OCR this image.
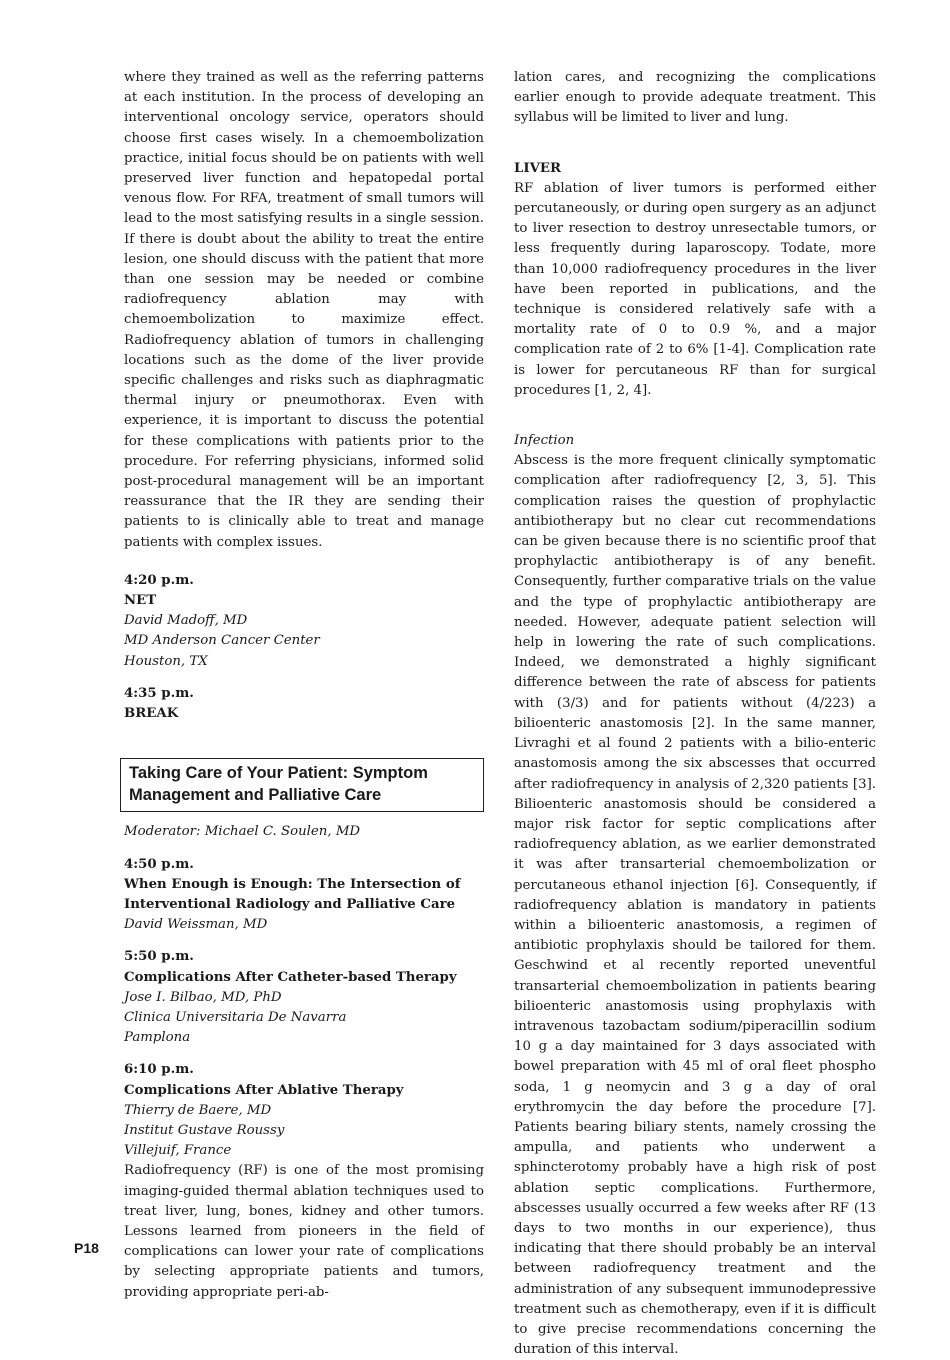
where they trained as well as the referring patterns at each institution. In the process of developing an interventional oncology service, operators should choose first cases wisely. In a chemoembolization practice, initial focus should be on patients with well preserved liver function and hepatopedal portal venous flow. For RFA, treatment of small tumors will lead to the most satisfying results in a single session. If there is doubt about the ability to treat the entire lesion, one should discuss with the patient that more than one session may be needed or combine radiofrequency ablation may with chemoembolization to maximize effect. Radiofrequency ablation of tumors in challenging locations such as the dome of the liver provide specific challenges and risks such as diaphragmatic thermal injury or pneumothorax. Even with experience, it is important to discuss the potential for these complications with patients prior to the procedure. For referring physicians, informed solid post-procedural management will be an important reassurance that the IR they are sending their patients to is clinically able to treat and manage patients with complex issues.

4:20 p.m.

NET

David Madoff, MD

MD Anderson Cancer Center

Houston, TX

4:35 p.m.

BREAK

Taking Care of Your Patient: Symptom Management and Palliative Care

Moderator: Michael C. Soulen, MD

4:50 p.m.

When Enough is Enough: The Intersection of Interventional Radiology and Palliative Care

David Weissman, MD

5:50 p.m.

Complications After Catheter-based Therapy

Jose I. Bilbao, MD, PhD

Clinica Universitaria De Navarra

Pamplona

6:10 p.m.

Complications After Ablative Therapy

Thierry de Baere, MD

Institut Gustave Roussy

Villejuif, France

Radiofrequency (RF) is one of the most promising imaging-guided thermal ablation techniques used to treat liver, lung, bones, kidney and other tumors. Lessons learned from pioneers in the field of complications can lower your rate of complications by selecting appropriate patients and tumors, providing appropriate peri-ab-

lation cares, and recognizing the complications earlier enough to provide adequate treatment. This syllabus will be limited to liver and lung.

LIVER

RF ablation of liver tumors is performed either percutaneously, or during open surgery as an adjunct to liver resection to destroy unresectable tumors, or less frequently during laparoscopy. Todate, more than 10,000 radiofrequency procedures in the liver have been reported in publications, and the technique is considered relatively safe with a mortality rate of 0 to 0.9 %, and a major complication rate of 2 to 6% [1-4]. Complication rate is lower for percutaneous RF than for surgical procedures [1, 2, 4].

Infection

Abscess is the more frequent clinically symptomatic complication after radiofrequency [2, 3, 5]. This complication raises the question of prophylactic antibiotherapy but no clear cut recommendations can be given because there is no scientific proof that prophylactic antibiotherapy is of any benefit. Consequently, further comparative trials on the value and the type of prophylactic antibiotherapy are needed. However, adequate patient selection will help in lowering the rate of such complications. Indeed, we demonstrated a highly significant difference between the rate of abscess for patients with (3/3) and for patients without (4/223) a bilioenteric anastomosis [2]. In the same manner, Livraghi et al found 2 patients with a bilio-enteric anastomosis among the six abscesses that occurred after radiofrequency in analysis of 2,320 patients [3]. Bilioenteric anastomosis should be considered a major risk factor for septic complications after radiofrequency ablation, as we earlier demonstrated it was after transarterial chemoembolization or percutaneous ethanol injection [6]. Consequently, if radiofrequency ablation is mandatory in patients within a bilioenteric anastomosis, a regimen of antibiotic prophylaxis should be tailored for them. Geschwind et al recently reported uneventful transarterial chemoembolization in patients bearing bilioenteric anastomosis using prophylaxis with intravenous tazobactam sodium/piperacillin sodium 10 g a day maintained for 3 days associated with bowel preparation with 45 ml of oral fleet phospho soda, 1 g neomycin and 3 g a day of oral erythromycin the day before the procedure [7]. Patients bearing biliary stents, namely crossing the ampulla, and patients who underwent a sphincterotomy probably have a high risk of post ablation septic complications. Furthermore, abscesses usually occurred a few weeks after RF (13 days to two months in our experience), thus indicating that there should probably be an interval between radiofrequency treatment and the administration of any subsequent immunodepressive treatment such as chemotherapy, even if it is difficult to give precise recommendations concerning the duration of this interval.

P18
